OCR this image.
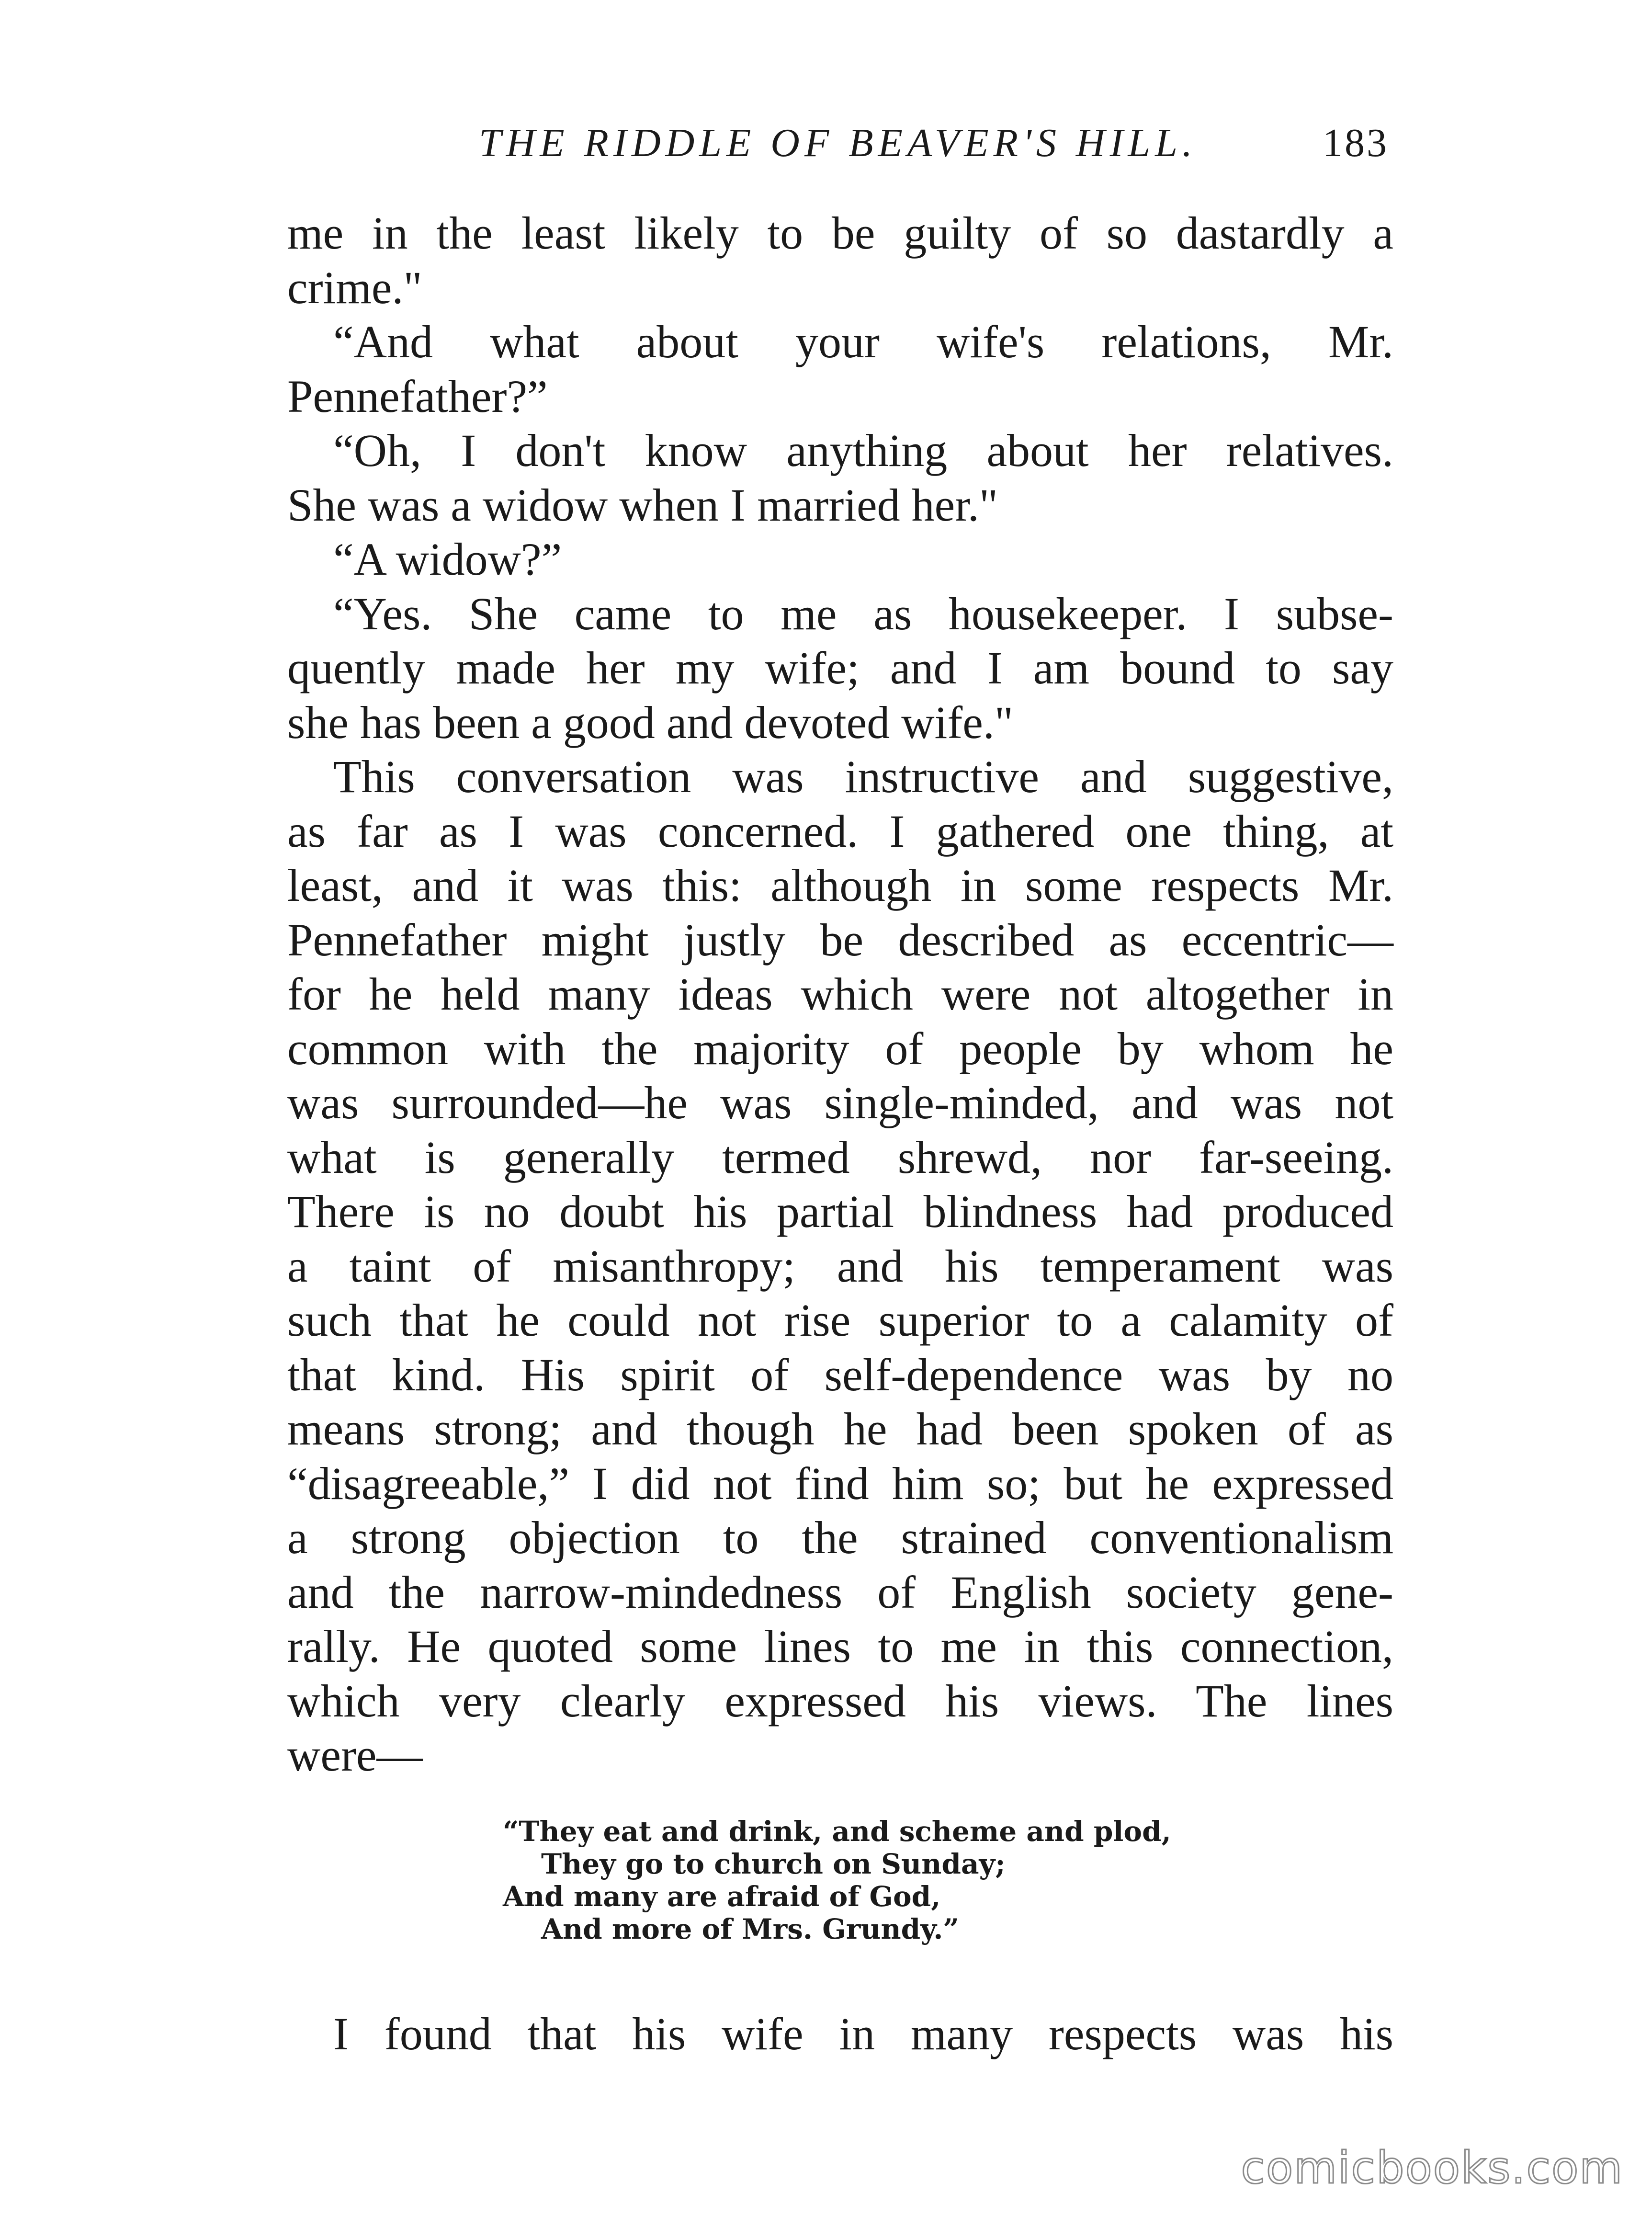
THE RIDDLE OF BEAVER'S HILL.	183
me in the least likely to be guilty of so dastardly a
crime."
“And what about your wife's relations, Mr.
Pennefather?”
“Oh, I don't know anything about her relatives.
She was a widow when I married her."
“A widow?”
“Yes. She came to me as housekeeper. I subse-
quently made her my wife; and I am bound to say
she has been a good and devoted wife."
This conversation was instructive and suggestive,
as far as I was concerned. I gathered one thing, at
least, and it was this: although in some respects Mr.
Pennefather might justly be described as eccentric—
for he held many ideas which were not altogether in
common with the majority of people by whom he
was surrounded—he was single-minded, and was not
what is generally termed shrewd, nor far-seeing.
There is no doubt his partial blindness had produced
a taint of misanthropy; and his temperament was
such that he could not rise superior to a calamity of
that kind. His spirit of self-dependence was by no
means strong; and though he had been spoken of as
“disagreeable,” I did not find him so; but he expressed
a strong objection to the strained conventionalism
and the narrow-mindedness of English society gene-
rally. He quoted some lines to me in this connection,
which very clearly expressed his views. The lines
were—
“They eat and drink, and scheme and plod,
They go to church on Sunday;
And many are afraid of God,
And more of Mrs. Grundy.”
I found that his wife in many respects was his
comicbooks.com
